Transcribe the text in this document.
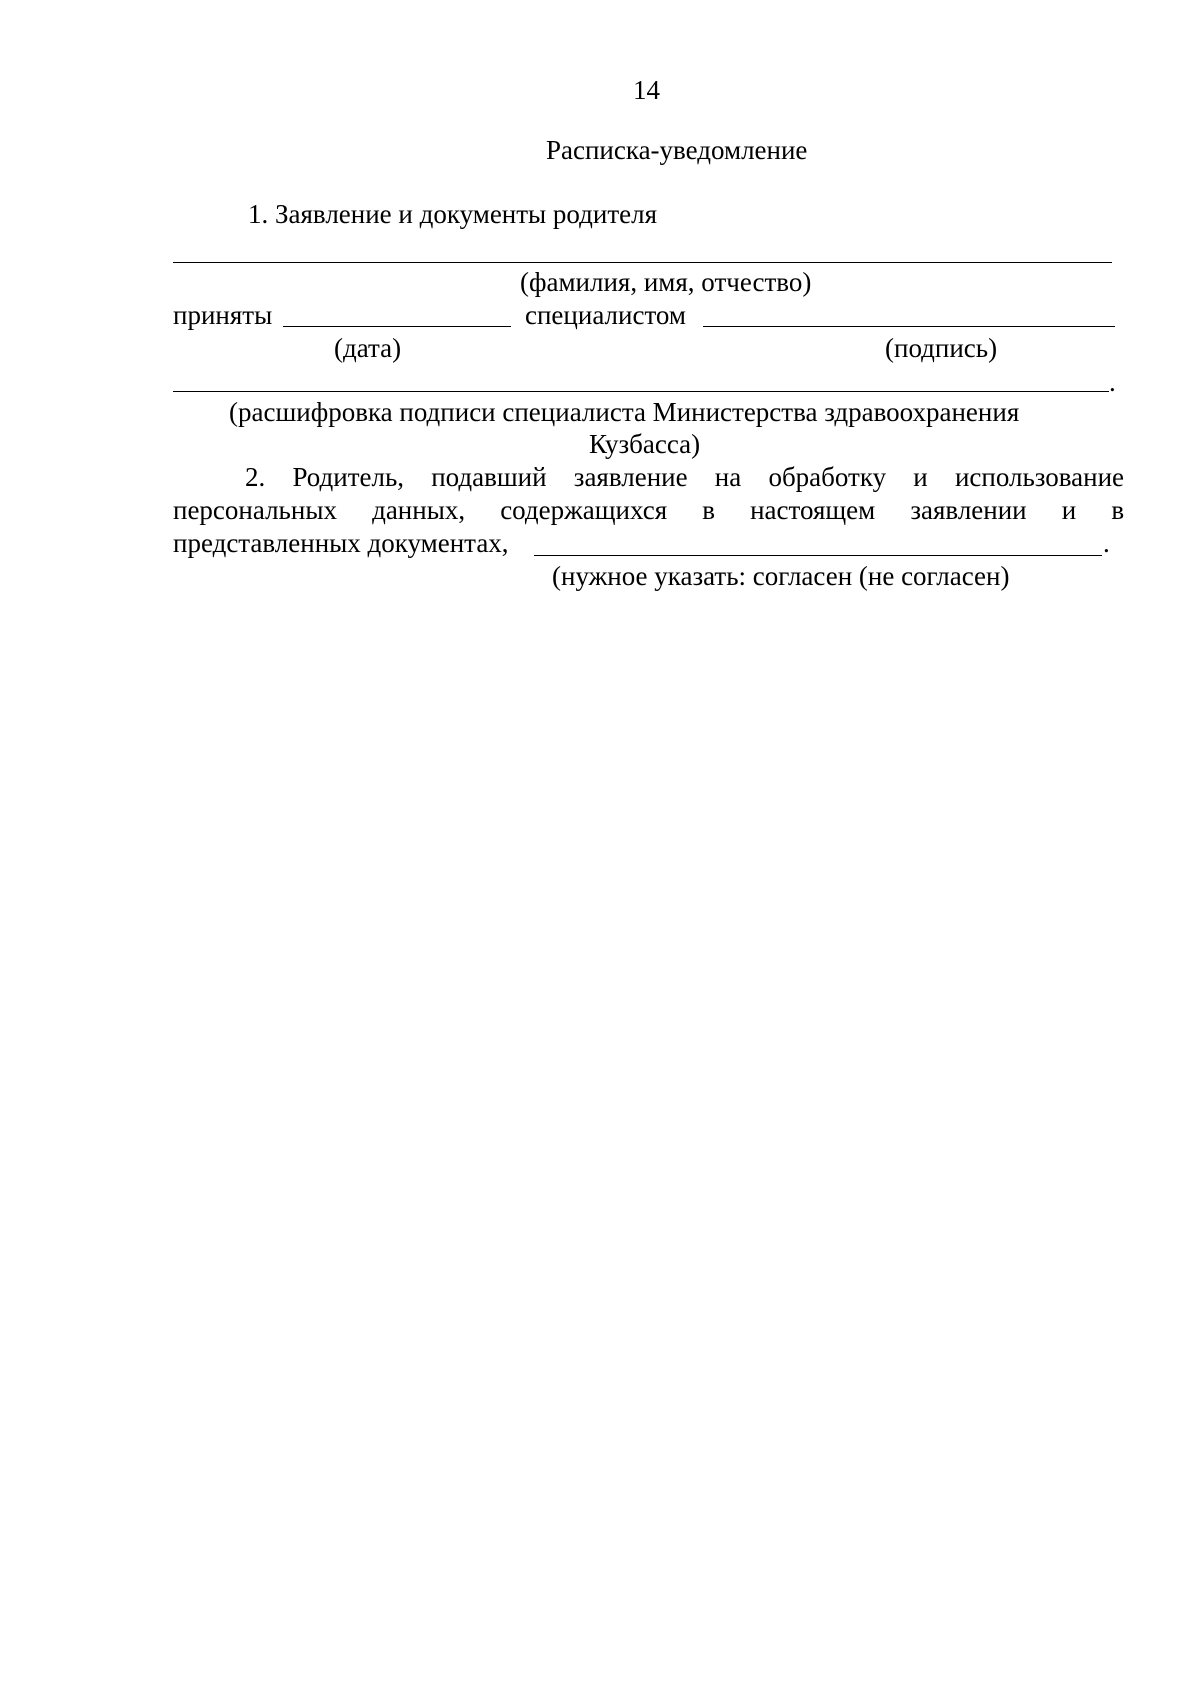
14
Расписка-уведомление
1. Заявление и документы родителя
(фамилия, имя, отчество)
приняты	специалистом
(дата)	(подпись)
.
(расшифровка подписи специалиста Министерства здравоохранения
Кузбасса)
2. Родитель, подавший заявление на обработку и использование
персональных данных, содержащихся в настоящем заявлении и в
представленных документах,	.
(нужное указать: согласен (не согласен)
